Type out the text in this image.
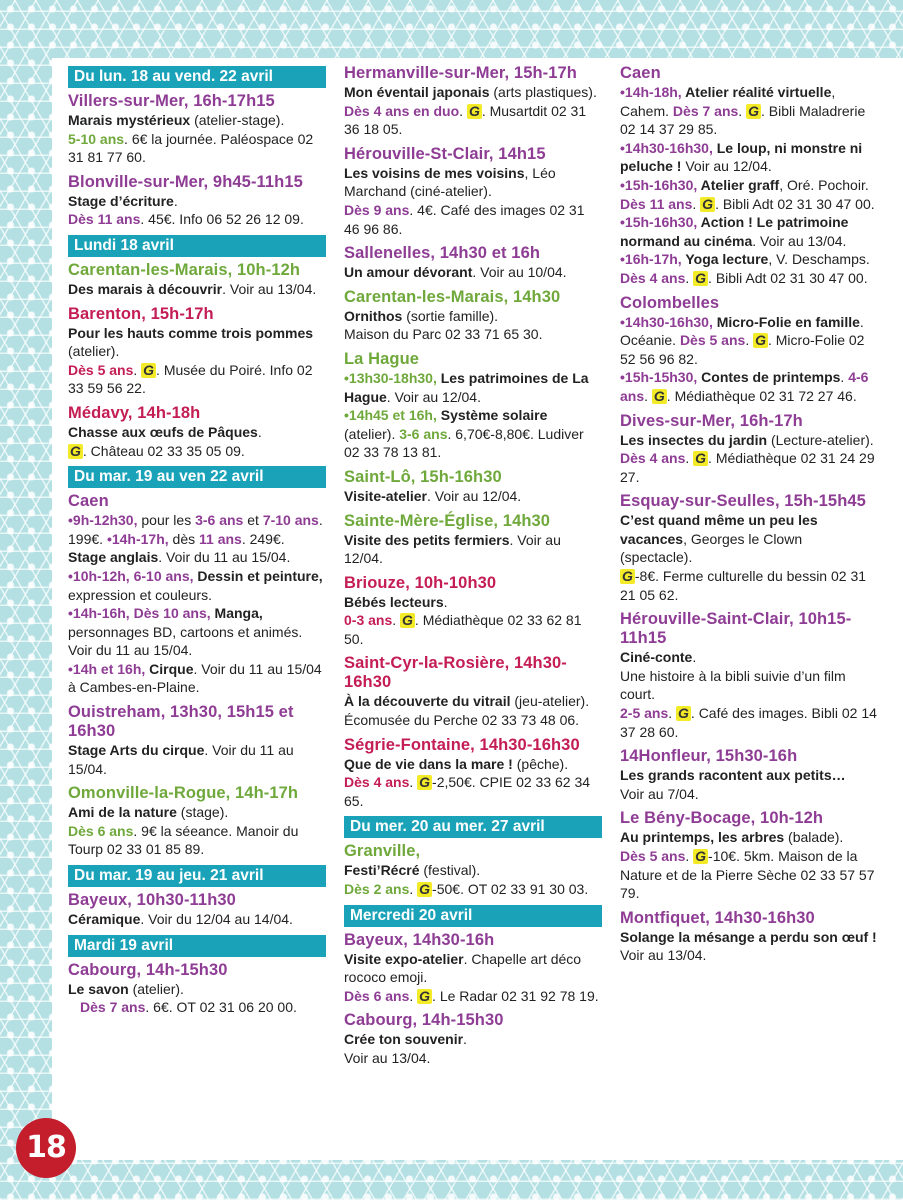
Du lun. 18 au vend. 22 avril

Villers-sur-Mer, 16h-17h15

Marais mystérieux (atelier-stage).

5-10 ans. 6€ la journée. Paléospace 02 31 81 77 60.

Blonville-sur-Mer, 9h45-11h15

Stage d’écriture.

Dès 11 ans. 45€. Info 06 52 26 12 09.

Lundi 18 avril

Carentan-les-Marais, 10h-12h

Des marais à découvrir. Voir au 13/04.

Barenton, 15h-17h

Pour les hauts comme trois pommes (atelier).

Dès 5 ans. G . Musée du Poiré. Info 02 33 59 56 22.

Médavy, 14h-18h

Chasse aux œufs de Pâques.

G . Château 02 33 35 05 09.

Du mar. 19 au ven 22 avril

Caen

•9h-12h30, pour les 3-6 ans et 7-10 ans. 199€. •14h-17h, dès 11 ans. 249€. Stage anglais. Voir du 11 au 15/04.

•10h-12h, 6-10 ans, Dessin et peinture, expression et couleurs.

•14h-16h, Dès 10 ans, Manga, personnages BD, cartoons et animés.

Voir du 11 au 15/04.

•14h et 16h, Cirque. Voir du 11 au 15/04 à Cambes-en-Plaine.

Ouistreham, 13h30, 15h15 et 16h30

Stage Arts du cirque. Voir du 11 au 15/04.

Omonville-la-Rogue, 14h-17h

Ami de la nature (stage).

Dès 6 ans. 9€ la séeance. Manoir du Tourp 02 33 01 85 89.

Du mar. 19 au jeu. 21 avril

Bayeux, 10h30-11h30

Céramique. Voir du 12/04 au 14/04.

Mardi 19 avril

Cabourg, 14h-15h30

Le savon (atelier).

Dès 7 ans. 6€. OT 02 31 06 20 00.

Hermanville-sur-Mer, 15h-17h

Mon éventail japonais (arts plastiques).

Dès 4 ans en duo. G . Musartdit 02 31 36 18 05.

Hérouville-St-Clair, 14h15

Les voisins de mes voisins, Léo Marchand (ciné-atelier).

Dès 9 ans. 4€. Café des images 02 31 46 96 86.

Sallenelles, 14h30 et 16h

Un amour dévorant. Voir au 10/04.

Carentan-les-Marais, 14h30

Ornithos (sortie famille).

Maison du Parc 02 33 71 65 30.

La Hague

•13h30-18h30, Les patrimoines de La Hague. Voir au 12/04.

•14h45 et 16h, Système solaire (atelier). 3-6 ans. 6,70€-8,80€. Ludiver 02 33 78 13 81.

Saint-Lô, 15h-16h30

Visite-atelier. Voir au 12/04.

Sainte-Mère-Église, 14h30

Visite des petits fermiers. Voir au 12/04.

Briouze, 10h-10h30

Bébés lecteurs.

0-3 ans. G . Médiathèque 02 33 62 81 50.

Saint-Cyr-la-Rosière, 14h30-16h30

À la découverte du vitrail (jeu-atelier).

Écomusée du Perche 02 33 73 48 06.

Ségrie-Fontaine, 14h30-16h30

Que de vie dans la mare ! (pêche).

Dès 4 ans. G -2,50€. CPIE 02 33 62 34 65.

Du mer. 20 au mer. 27 avril

Granville,

Festi’Récré (festival).

Dès 2 ans. G -50€. OT 02 33 91 30 03.

Mercredi 20 avril

Bayeux, 14h30-16h

Visite expo-atelier. Chapelle art déco rococo emoji.

Dès 6 ans. G . Le Radar 02 31 92 78 19.

Cabourg, 14h-15h30

Crée ton souvenir.

Voir au 13/04.

Caen

•14h-18h, Atelier réalité virtuelle, Cahem. Dès 7 ans. G . Bibli Maladrerie 02 14 37 29 85.

•14h30-16h30, Le loup, ni monstre ni peluche ! Voir au 12/04.

•15h-16h30, Atelier graff, Oré. Pochoir. Dès 11 ans. G . Bibli Adt 02 31 30 47 00.

•15h-16h30, Action ! Le patrimoine normand au cinéma. Voir au 13/04.

•16h-17h, Yoga lecture, V. Deschamps. Dès 4 ans. G . Bibli Adt 02 31 30 47 00.

Colombelles

•14h30-16h30, Micro-Folie en famille. Océanie. Dès 5 ans. G . Micro-Folie 02 52 56 96 82.

•15h-15h30, Contes de printemps. 4-6 ans. G . Médiathèque 02 31 72 27 46.

Dives-sur-Mer, 16h-17h

Les insectes du jardin (Lecture-atelier).

Dès 4 ans. G . Médiathèque 02 31 24 29 27.

Esquay-sur-Seulles, 15h-15h45

C’est quand même un peu les vacances, Georges le Clown (spectacle).

G -8€. Ferme culturelle du bessin 02 31 21 05 62.

Hérouville-Saint-Clair, 10h15-11h15

Ciné-conte.

Une histoire à la bibli suivie d’un film court.

2-5 ans. G . Café des images. Bibli 02 14 37 28 60.

14Honfleur, 15h30-16h

Les grands racontent aux petits…

Voir au 7/04.

Le Bény-Bocage, 10h-12h

Au printemps, les arbres (balade).

Dès 5 ans. G -10€. 5km. Maison de la Nature et de la Pierre Sèche 02 33 57 57 79.

Montfiquet, 14h30-16h30

Solange la mésange a perdu son œuf !

Voir au 13/04.

18
